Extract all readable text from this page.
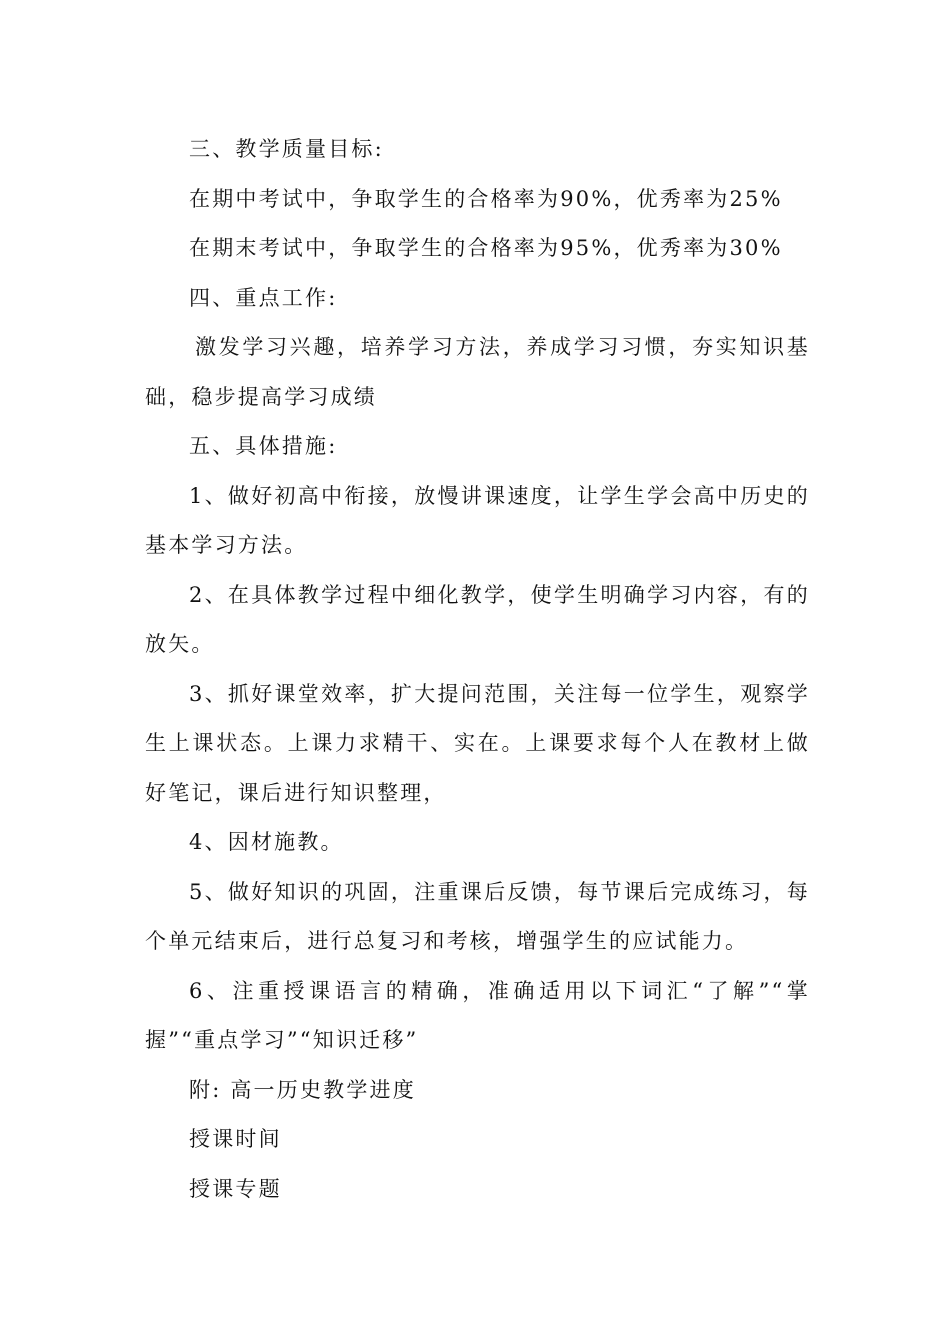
三、教学质量目标:

在期中考试中，争取学生的合格率为90%，优秀率为25%

在期末考试中，争取学生的合格率为95%，优秀率为30%

四、重点工作:

激发学习兴趣，培养学习方法，养成学习习惯，夯实知识基础，稳步提高学习成绩

五、具体措施:

1、做好初高中衔接，放慢讲课速度，让学生学会高中历史的基本学习方法。

2、在具体教学过程中细化教学，使学生明确学习内容，有的放矢。

3、抓好课堂效率，扩大提问范围，关注每一位学生，观察学生上课状态。上课力求精干、实在。上课要求每个人在教材上做好笔记，课后进行知识整理，

4、因材施教。

5、做好知识的巩固，注重课后反馈，每节课后完成练习，每个单元结束后，进行总复习和考核，增强学生的应试能力。

6、注重授课语言的精确，准确适用以下词汇“了解”“掌握”“重点学习”“知识迁移”

附: 高一历史教学进度

授课时间

授课专题
